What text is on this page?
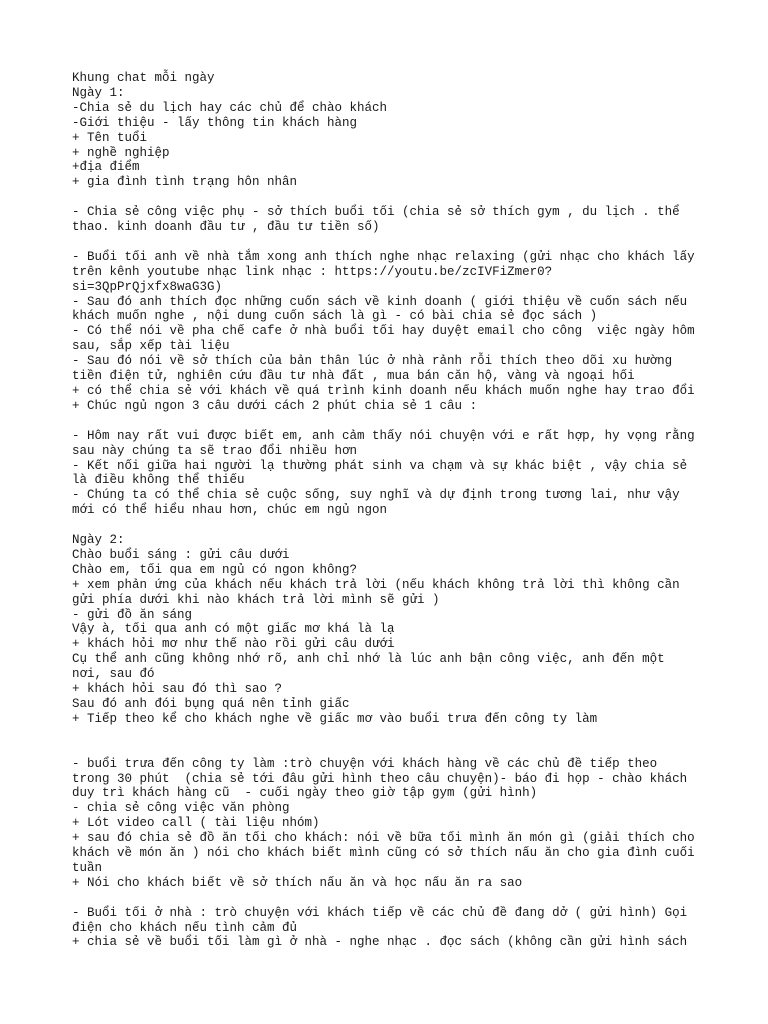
Khung chat mỗi ngày
Ngày 1:
-Chia sẻ du lịch hay các chủ để chào khách
-Giới thiệu - lấy thông tin khách hàng
+ Tên tuổi
+ nghề nghiệp
+địa điểm
+ gia đình tình trạng hôn nhân
- Chia sẻ công việc phụ - sở thích buổi tối (chia sẻ sở thích gym , du lịch . thể
thao. kinh doanh đầu tư , đầu tư tiền số)
- Buổi tối anh về nhà tắm xong anh thích nghe nhạc relaxing (gửi nhạc cho khách lấy
trên kênh youtube nhạc link nhạc : https://youtu.be/zcIVFiZmer0?
si=3QpPrQjxfx8waG3G)
- Sau đó anh thích đọc những cuốn sách về kinh doanh ( giới thiệu về cuốn sách nếu
khách muốn nghe , nội dung cuốn sách là gì - có bài chia sẻ đọc sách )
- Có thể nói về pha chế cafe ở nhà buổi tối hay duyệt email cho công  việc ngày hôm
sau, sắp xếp tài liệu
- Sau đó nói về sở thích của bản thân lúc ở nhà rảnh rỗi thích theo dõi xu hường
tiền điện tử, nghiên cứu đầu tư nhà đất , mua bán căn hộ, vàng và ngoại hối
+ có thể chia sẻ với khách về quá trình kinh doanh nếu khách muốn nghe hay trao đổi
+ Chúc ngủ ngon 3 câu dưới cách 2 phút chia sẻ 1 câu :
- Hôm nay rất vui được biết em, anh cảm thấy nói chuyện với e rất hợp, hy vọng rằng
sau này chúng ta sẽ trao đổi nhiều hơn
- Kết nối giữa hai người lạ thường phát sinh va chạm và sự khác biệt , vậy chia sẻ
là điều không thể thiếu
- Chúng ta có thể chia sẻ cuộc sống, suy nghĩ và dự định trong tương lai, như vậy
mới có thể hiểu nhau hơn, chúc em ngủ ngon
Ngày 2:
Chào buổi sáng : gửi câu dưới
Chào em, tối qua em ngủ có ngon không?
+ xem phản ứng của khách nếu khách trả lời (nếu khách không trả lời thì không cần
gửi phía dưới khi nào khách trả lời mình sẽ gửi )
- gửi đồ ăn sáng
Vậy à, tối qua anh có một giấc mơ khá là lạ
+ khách hỏi mơ như thế nào rồi gửi câu dưới
Cụ thể anh cũng không nhớ rõ, anh chỉ nhớ là lúc anh bận công việc, anh đến một
nơi, sau đó
+ khách hỏi sau đó thì sao ?
Sau đó anh đói bụng quá nên tỉnh giấc
+ Tiếp theo kể cho khách nghe về giấc mơ vào buổi trưa đến công ty làm
- buổi trưa đến công ty làm :trò chuyện với khách hàng về các chủ đề tiếp theo
trong 30 phút  (chia sẻ tới đâu gửi hình theo câu chuyện)- báo đi họp - chào khách
duy trì khách hàng cũ  - cuối ngày theo giờ tập gym (gửi hình)
- chia sẻ công việc văn phòng
+ Lót video call ( tài liệu nhóm)
+ sau đó chia sẻ đồ ăn tối cho khách: nói về bữa tối mình ăn món gì (giải thích cho
khách về món ăn ) nói cho khách biết mình cũng có sở thích nấu ăn cho gia đình cuối
tuần
+ Nói cho khách biết về sở thích nấu ăn và học nấu ăn ra sao
- Buổi tối ở nhà : trò chuyện với khách tiếp về các chủ đề đang dở ( gửi hình) Gọi
điện cho khách nếu tình cảm đủ
+ chia sẻ về buổi tối làm gì ở nhà - nghe nhạc . đọc sách (không cần gửi hình sách
